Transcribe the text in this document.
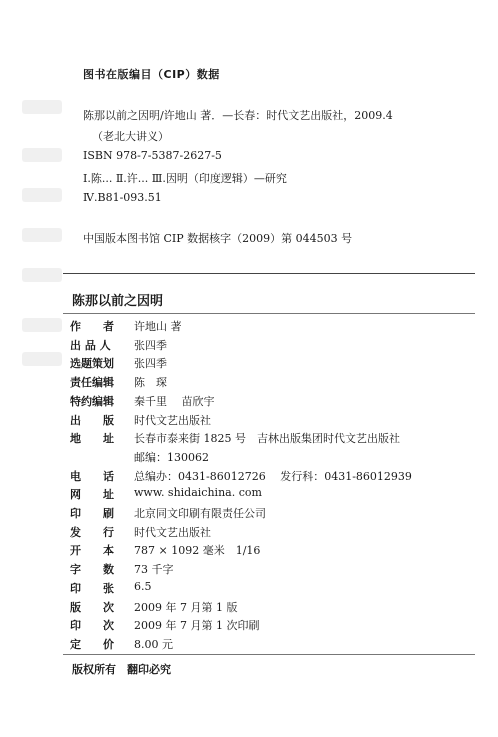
图书在版编目（CIP）数据
陈那以前之因明/许地山 著．—长春：时代文艺出版社，2009.4
（老北大讲义）
ISBN 978-7-5387-2627-5
Ⅰ.陈... Ⅱ.许... Ⅲ.因明（印度逻辑）—研究
Ⅳ.B81-093.51
中国版本图书馆 CIP 数据核字（2009）第 044503 号
陈那以前之因明
作　　者	许地山 著
出 品 人	张四季
选题策划	张四季
责任编辑	陈　琛
特约编辑	秦千里　 苗欣宇
出　　版	时代文艺出版社
地　　址	长春市泰来街 1825 号　吉林出版集团时代文艺出版社
邮编：130062
电　　话	总编办：0431-86012726　 发行科：0431-86012939
网　　址	www. shidaichina. com
印　　刷	北京同文印刷有限责任公司
发　　行	时代文艺出版社
开　　本	787 × 1092 毫米　1/16
字　　数	73 千字
印　　张	6.5
版　　次	2009 年 7 月第 1 版
印　　次	2009 年 7 月第 1 次印刷
定　　价	8.00 元
版权所有　翻印必究
